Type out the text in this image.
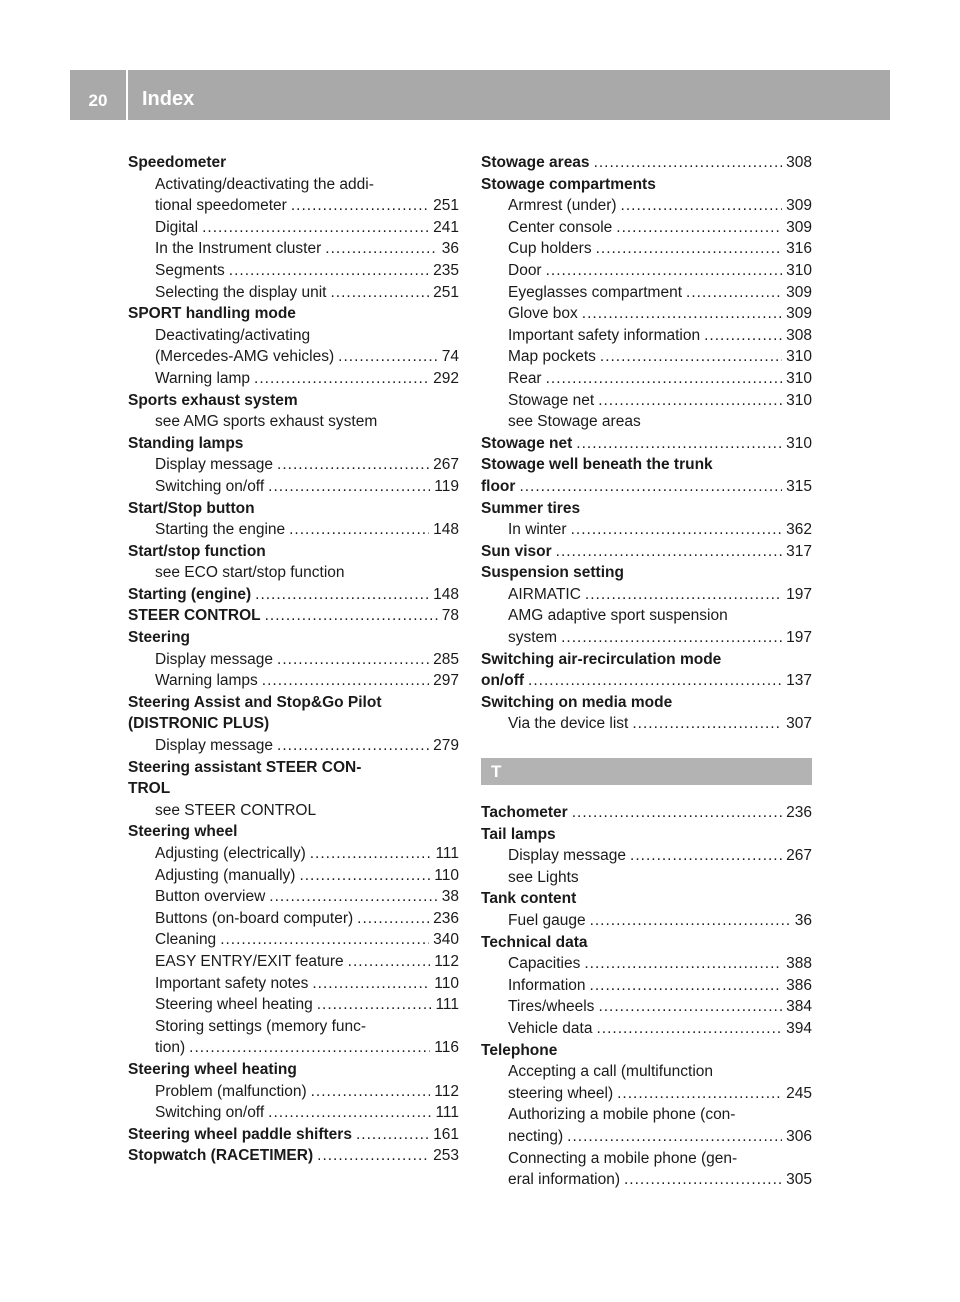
20	Index
Speedometer
Activating/deactivating the addi-
tional speedometer .....	251
Digital .....	241
In the Instrument cluster .....	36
Segments .....	235
Selecting the display unit .....	251
SPORT handling mode
Deactivating/activating
(Mercedes-AMG vehicles) .....	74
Warning lamp .....	292
Sports exhaust system
see AMG sports exhaust system
Standing lamps
Display message .....	267
Switching on/off .....	119
Start/Stop button
Starting the engine .....	148
Start/stop function
see ECO start/stop function
Starting (engine) .....	148
STEER CONTROL .....	78
Steering
Display message .....	285
Warning lamps .....	297
Steering Assist and Stop&Go Pilot
(DISTRONIC PLUS)
Display message .....	279
Steering assistant STEER CON-
TROL
see STEER CONTROL
Steering wheel
Adjusting (electrically) .....	111
Adjusting (manually) .....	110
Button overview .....	38
Buttons (on-board computer) .....	236
Cleaning .....	340
EASY ENTRY/EXIT feature .....	112
Important safety notes .....	110
Steering wheel heating .....	111
Storing settings (memory func-
tion) .....	116
Steering wheel heating
Problem (malfunction) .....	112
Switching on/off .....	111
Steering wheel paddle shifters .....	161
Stopwatch (RACETIMER) .....	253
Stowage areas .....	308
Stowage compartments
Armrest (under) .....	309
Center console .....	309
Cup holders .....	316
Door .....	310
Eyeglasses compartment .....	309
Glove box .....	309
Important safety information .....	308
Map pockets .....	310
Rear .....	310
Stowage net .....	310
see Stowage areas
Stowage net .....	310
Stowage well beneath the trunk
floor .....	315
Summer tires
In winter .....	362
Sun visor .....	317
Suspension setting
AIRMATIC .....	197
AMG adaptive sport suspension
system .....	197
Switching air-recirculation mode
on/off .....	137
Switching on media mode
Via the device list .....	307
T
Tachometer .....	236
Tail lamps
Display message .....	267
see Lights
Tank content
Fuel gauge .....	36
Technical data
Capacities .....	388
Information .....	386
Tires/wheels .....	384
Vehicle data .....	394
Telephone
Accepting a call (multifunction
steering wheel) .....	245
Authorizing a mobile phone (con-
necting) .....	306
Connecting a mobile phone (gen-
eral information) .....	305
